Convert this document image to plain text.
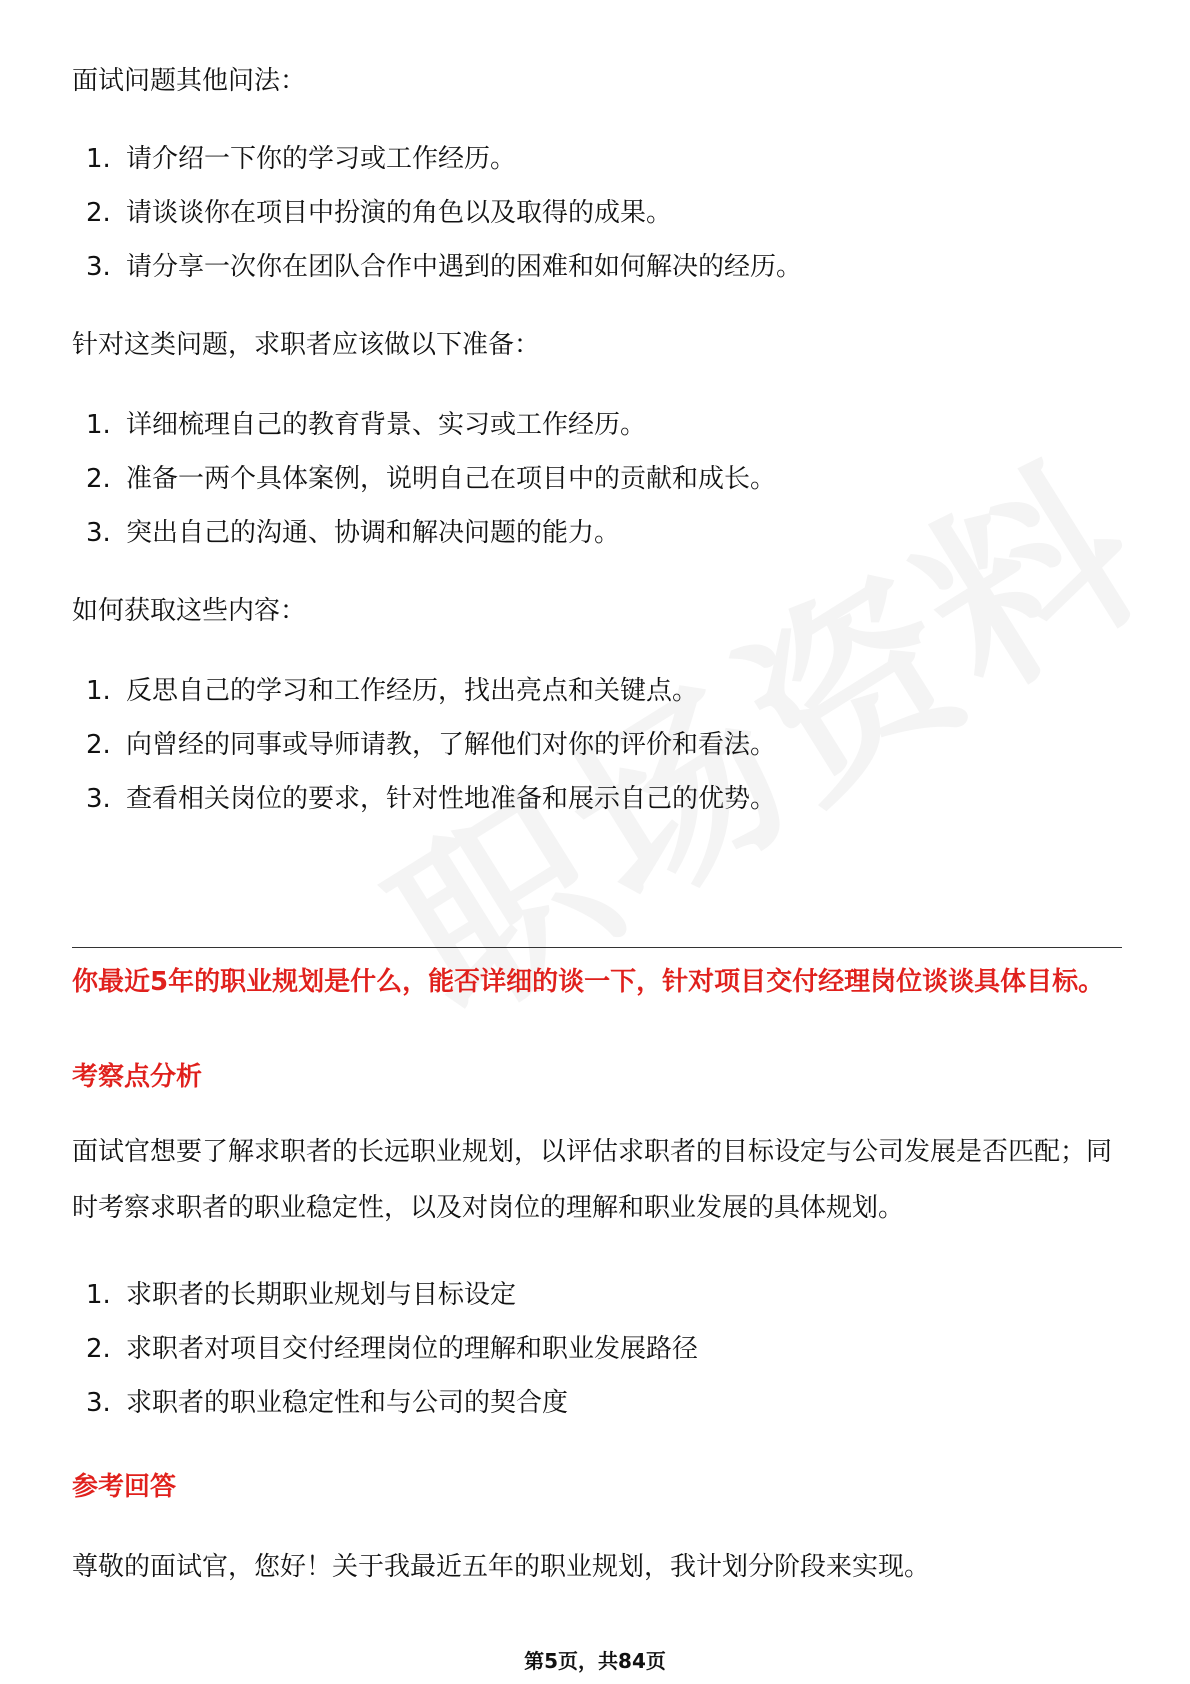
面试问题其他问法：

1. 请介绍一下你的学习或工作经历。
2. 请谈谈你在项目中扮演的角色以及取得的成果。
3. 请分享一次你在团队合作中遇到的困难和如何解决的经历。

针对这类问题，求职者应该做以下准备：

1. 详细梳理自己的教育背景、实习或工作经历。
2. 准备一两个具体案例，说明自己在项目中的贡献和成长。
3. 突出自己的沟通、协调和解决问题的能力。

如何获取这些内容：

1. 反思自己的学习和工作经历，找出亮点和关键点。
2. 向曾经的同事或导师请教，了解他们对你的评价和看法。
3. 查看相关岗位的要求，针对性地准备和展示自己的优势。

你最近5年的职业规划是什么，能否详细的谈一下，针对项目交付经理岗位谈谈具体目标。

考察点分析

面试官想要了解求职者的长远职业规划，以评估求职者的目标设定与公司发展是否匹配；同时考察求职者的职业稳定性，以及对岗位的理解和职业发展的具体规划。

1. 求职者的长期职业规划与目标设定
2. 求职者对项目交付经理岗位的理解和职业发展路径
3. 求职者的职业稳定性和与公司的契合度

参考回答

尊敬的面试官，您好！关于我最近五年的职业规划，我计划分阶段来实现。

第5页，共84页
